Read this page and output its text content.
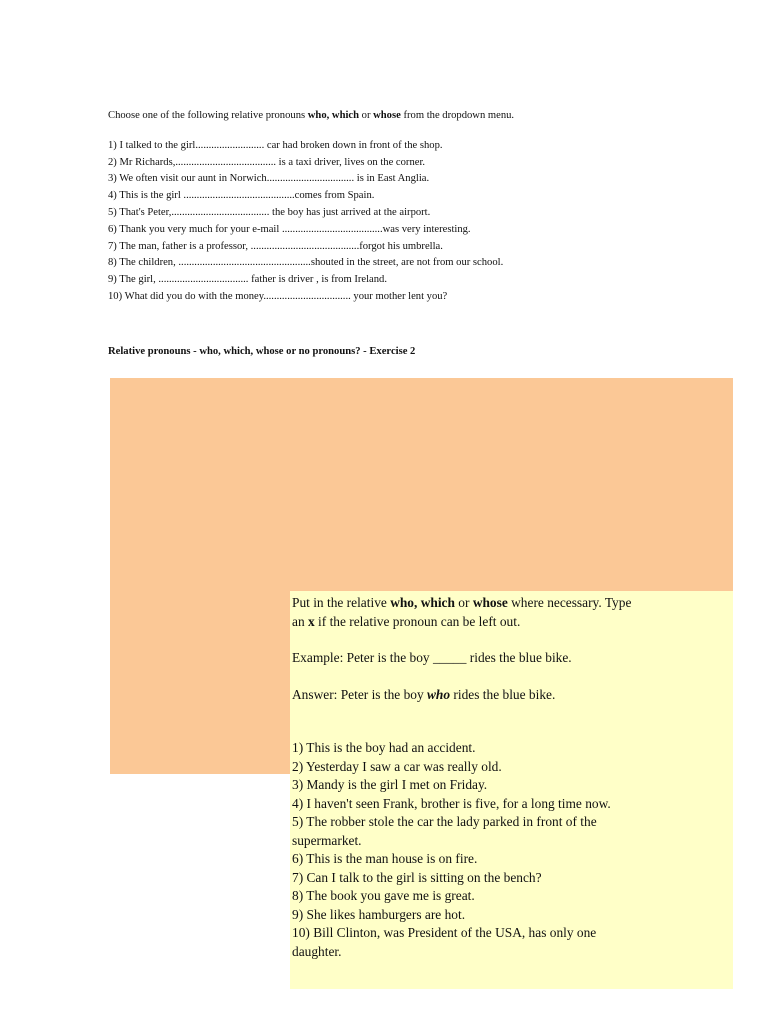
Choose one of the following relative pronouns who, which or whose from the dropdown menu.

1) I talked to the girl.......................... car had broken down in front of the shop.
2) Mr Richards,...................................... is a taxi driver, lives on the corner.
3) We often visit our aunt in Norwich................................. is in East Anglia.
4) This is the girl ..........................................comes from Spain.
5) That's Peter,..................................... the boy has just arrived at the airport.
6) Thank you very much for your e-mail ......................................was very interesting.
7) The man, father is a professor, .........................................forgot his umbrella.
8) The children, ..................................................shouted in the street, are not from our school.
9) The girl, .................................. father is driver , is from Ireland.
10) What did you do with the money................................. your mother lent you?
Relative pronouns - who, which, whose or no pronouns? - Exercise 2

Put in the relative who, which or whose where necessary. Type an x if the relative pronoun can be left out.

Example: Peter is the boy _____ rides the blue bike.

Answer: Peter is the boy who rides the blue bike.

1) This is the boy had an accident.

2) Yesterday I saw a car was really old.

3) Mandy is the girl I met on Friday.

4) I haven't seen Frank, brother is five, for a long time now.

5) The robber stole the car the lady parked in front of the supermarket.

6) This is the man house is on fire.

7) Can I talk to the girl is sitting on the bench?

8) The book you gave me is great.

9) She likes hamburgers are hot.

10) Bill Clinton, was President of the USA, has only one daughter.
